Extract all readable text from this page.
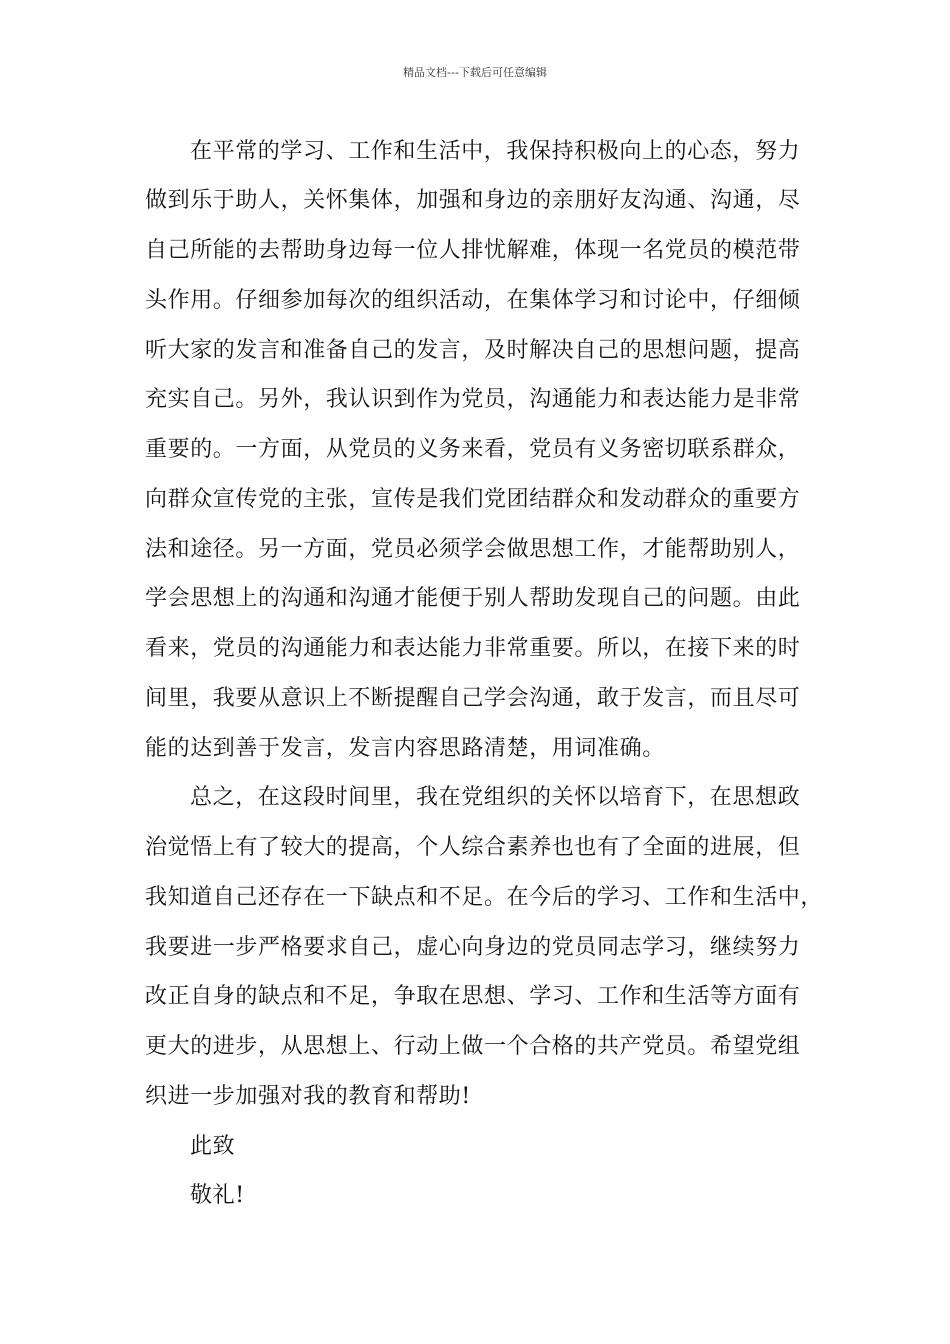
精品文档---下载后可任意编辑
在平常的学习、工作和生活中，我保持积极向上的心态，努力
做到乐于助人，关怀集体，加强和身边的亲朋好友沟通、沟通，尽
自己所能的去帮助身边每一位人排忧解难，体现一名党员的模范带
头作用。仔细参加每次的组织活动，在集体学习和讨论中，仔细倾
听大家的发言和准备自己的发言，及时解决自己的思想问题，提高
充实自己。另外，我认识到作为党员，沟通能力和表达能力是非常
重要的。一方面，从党员的义务来看，党员有义务密切联系群众，
向群众宣传党的主张，宣传是我们党团结群众和发动群众的重要方
法和途径。另一方面，党员必须学会做思想工作，才能帮助别人，
学会思想上的沟通和沟通才能便于别人帮助发现自己的问题。由此
看来，党员的沟通能力和表达能力非常重要。所以，在接下来的时
间里，我要从意识上不断提醒自己学会沟通，敢于发言，而且尽可
能的达到善于发言，发言内容思路清楚，用词准确。
总之，在这段时间里，我在党组织的关怀以培育下，在思想政
治觉悟上有了较大的提高，个人综合素养也也有了全面的进展，但
我知道自己还存在一下缺点和不足。在今后的学习、工作和生活中，
我要进一步严格要求自己，虚心向身边的党员同志学习，继续努力
改正自身的缺点和不足，争取在思想、学习、工作和生活等方面有
更大的进步，从思想上、行动上做一个合格的共产党员。希望党组
织进一步加强对我的教育和帮助!
此致
敬礼!
